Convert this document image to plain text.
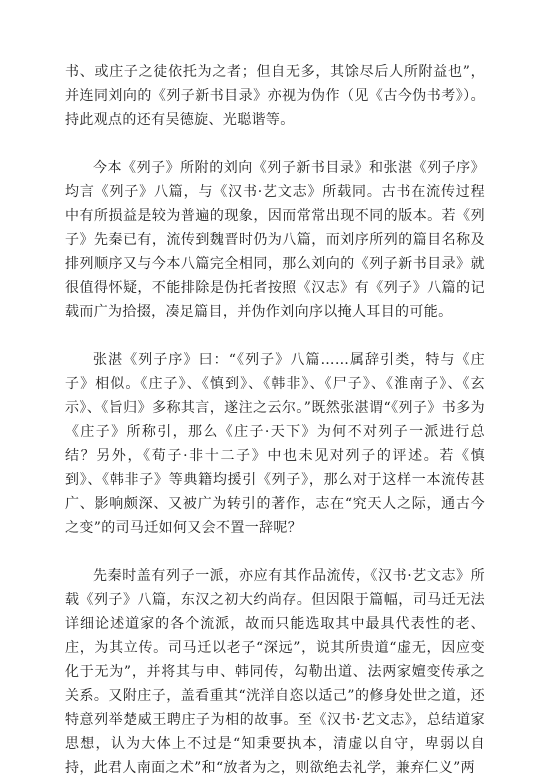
书、或庄子之徒依托为之者；但自无多，其馀尽后人所附益也”，并连同刘向的《列子新书目录》亦视为伪作（见《古今伪书考》）。持此观点的还有吴德旋、光聪谐等。

今本《列子》所附的刘向《列子新书目录》和张湛《列子序》均言《列子》八篇，与《汉书·艺文志》所载同。古书在流传过程中有所损益是较为普遍的现象，因而常常出现不同的版本。若《列子》先秦已有，流传到魏晋时仍为八篇，而刘序所列的篇目名称及排列顺序又与今本八篇完全相同，那么刘向的《列子新书目录》就很值得怀疑，不能排除是伪托者按照《汉志》有《列子》八篇的记载而广为拾掇，凑足篇目，并伪作刘向序以掩人耳目的可能。

张湛《列子序》曰：“《列子》八篇……属辞引类，特与《庄子》相似。《庄子》、《慎到》、《韩非》、《尸子》、《淮南子》、《玄示》、《旨归》多称其言，遂注之云尔。”既然张湛谓“《列子》书多为《庄子》所称引，那么《庄子·天下》为何不对列子一派进行总结？另外，《荀子·非十二子》中也未见对列子的评述。若《慎到》、《韩非子》等典籍均援引《列子》，那么对于这样一本流传甚广、影响颇深、又被广为转引的著作，志在“究天人之际，通古今之变”的司马迁如何又会不置一辞呢？

先秦时盖有列子一派，亦应有其作品流传，《汉书·艺文志》所载《列子》八篇，东汉之初大约尚存。但因限于篇幅，司马迁无法详细论述道家的各个流派，故而只能选取其中最具代表性的老、庄，为其立传。司马迁以老子“深远”，说其所贵道“虚无，因应变化于无为”，并将其与申、韩同传，勾勒出道、法两家嬗变传承之关系。又附庄子，盖看重其“洸洋自恣以适己”的修身处世之道，还特意列举楚威王聘庄子为相的故事。至《汉书·艺文志》，总结道家思想，认为大体上不过是“知秉要执本，清虚以自守，卑弱以自持，此君人南面之术”和“放者为之，则欲绝去礼学，兼弃仁义”两
